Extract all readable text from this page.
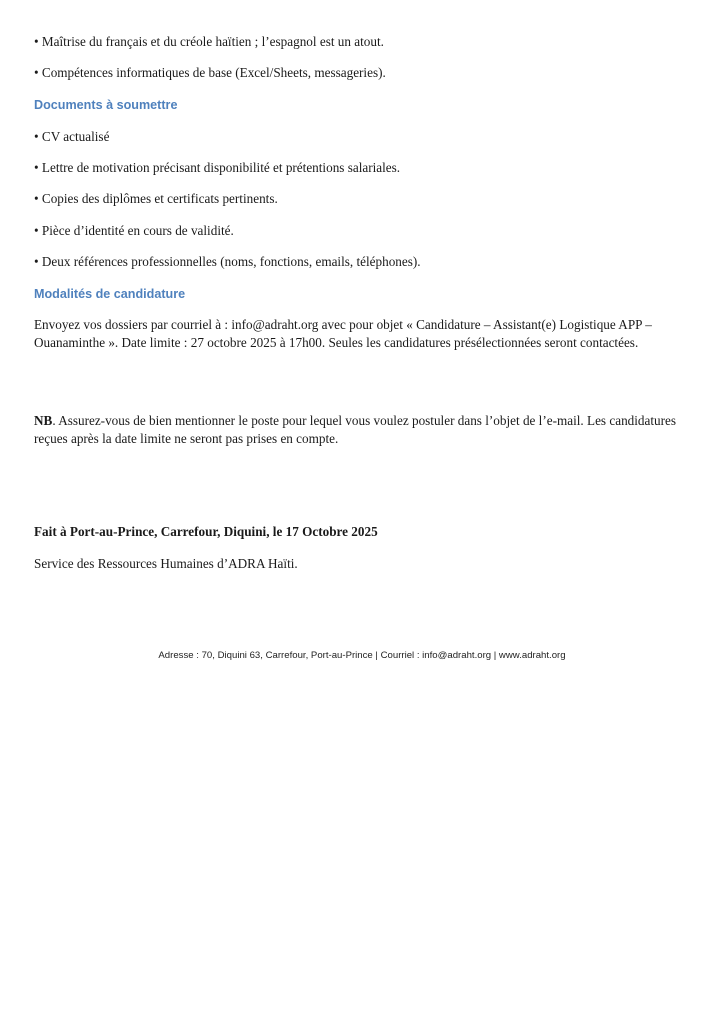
• Maîtrise du français et du créole haïtien ; l’espagnol est un atout.
• Compétences informatiques de base (Excel/Sheets, messageries).
Documents à soumettre
• CV actualisé
• Lettre de motivation précisant disponibilité et prétentions salariales.
• Copies des diplômes et certificats pertinents.
• Pièce d’identité en cours de validité.
• Deux références professionnelles (noms, fonctions, emails, téléphones).
Modalités de candidature
Envoyez vos dossiers par courriel à : info@adraht.org avec pour objet « Candidature – Assistant(e) Logistique APP – Ouanaminthe ». Date limite : 27 octobre 2025 à 17h00. Seules les candidatures présélectionnées seront contactées.
NB. Assurez-vous de bien mentionner le poste pour lequel vous voulez postuler dans l’objet de l’e-mail. Les candidatures reçues après la date limite ne seront pas prises en compte.
Fait à Port-au-Prince, Carrefour, Diquini, le 17 Octobre 2025
Service des Ressources Humaines d’ADRA Haïti.
Adresse : 70, Diquini 63, Carrefour, Port-au-Prince | Courriel : info@adraht.org | www.adraht.org
